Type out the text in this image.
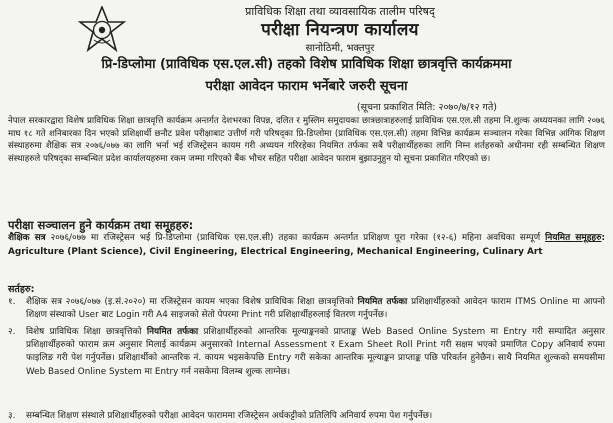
प्राविधिक शिक्षा तथा व्यावसायिक तालीम परिषद्
परीक्षा नियन्त्रण कार्यालय
सानोठिमी, भक्तपुर
प्रि-डिप्लोमा (प्राविधिक एस.एल.सी) तहको विशेष प्राविधिक शिक्षा छात्रवृत्ति कार्यक्रममा
परीक्षा आवेदन फाराम भर्नेबारे जरुरी सूचना
(सूचना प्रकाशित मिति: २०७०/७/१२ गते)
नेपाल सरकारद्वारा विशेष प्राविधिक शिक्षा छात्रवृत्ति कार्यक्रम अन्तर्गत देशभरका विपन्न, दलित र मुस्लिम समुदायका छात्रछात्राहरुलाई प्राविधिक एस.एल.सी तहमा नि.शुल्क अध्ययनका लागि २०७६ माघ १८ गते शनिबारका दिन भएको प्रशिक्षार्थी छनौट प्रवेश परीक्षाबाट उत्तीर्ण गरी परिषद्का प्रि-डिप्लोमा (प्राविधिक एस.एल.सी) तहमा विभिन्न कार्यक्रम सञ्चालन गरेका विभिन्न आंगिक शिक्षण संस्थाहरुमा शैक्षिक सत्र २०७६/०७७ का लागि भर्ना भई रजिस्ट्रेसन कायम गरी अध्ययन गरिरहेका नियमित तर्फका सबै परीक्षार्थीहरुका लागि निम्न शर्तहरुको अधीनमा रही सम्बन्धित शिक्षण संस्थाहरुले परिषद्का सम्बन्धित प्रदेश कार्यालयहरुमा रकम जम्मा गरिएको बैंक भौचर सहित परीक्षा आवेदन फाराम बुझाउनुहुन यो सूचना प्रकाशित गरिएको छ।
परीक्षा सञ्चालन हुने कार्यक्रम तथा समूहहरु:
शैक्षिक सत्र २०७६/०७७ मा रजिस्ट्रेसन भई प्रि-डिप्लोमा (प्राविधिक एस.एल.सी) तहका कार्यक्रम अन्तर्गत प्रशिक्षण पूरा गरेका (१२-६) महिना अवधिका सम्पूर्ण नियमित समूहहरु: Agriculture (Plant Science), Civil Engineering, Electrical Engineering, Mechanical Engineering, Culinary Art
सर्तहरु:
१.	शैक्षिक सत्र २०७६/०७७ (इ.सं.२०२०) मा रजिस्ट्रेसन कायम भएका विशेष प्राविधिक शिक्षा छात्रवृत्तिको नियमित तर्फका प्रशिक्षार्थीहरुको आवेदन फाराम ITMS Online मा आफ्नो शिक्षण संस्थाको User बाट Login गरी A4 साइजको सेतो पेपरमा Print गरी प्रशिक्षार्थीहरुलाई वितरण गर्नुपर्नेछ।
२.	विशेष प्राविधिक शिक्षा छात्रवृत्तिको नियमित तर्फका प्रशिक्षार्थीहरुको आन्तरिक मूल्याङ्कनको प्राप्ताङ्क Web Based Online System मा Entry गरी सम्पादित अनुसार प्रशिक्षार्थीहरुको फाराम क्रम अनुसार मिलाई कार्यक्रम अनुसारको Internal Assessment र Exam Sheet Roll Print गरी सक्षम भएको प्रमाणित Copy अनिवार्य रुपमा फाइलिङ गरी पेश गर्नुपर्नेछ। प्रशिक्षार्थीको आन्तरिक नं. कायम भइसकेपछि Entry गरी सकेका आन्तरिक मूल्याङ्कन प्राप्ताङ्क पछि परिवर्तन हुनेछैन। साथै नियमित शुल्कको समयसीमा Web Based Online System मा Entry गर्न नसकेमा विलम्ब शुल्क लाग्नेछ।
३.	सम्बन्धित शिक्षण संस्थाले प्रशिक्षार्थीहरुको परीक्षा आवेदन फाराममा रजिस्ट्रेसन अर्धकट्टीको प्रतिलिपि अनिवार्य रुपमा पेश गर्नुपर्नेछ।
